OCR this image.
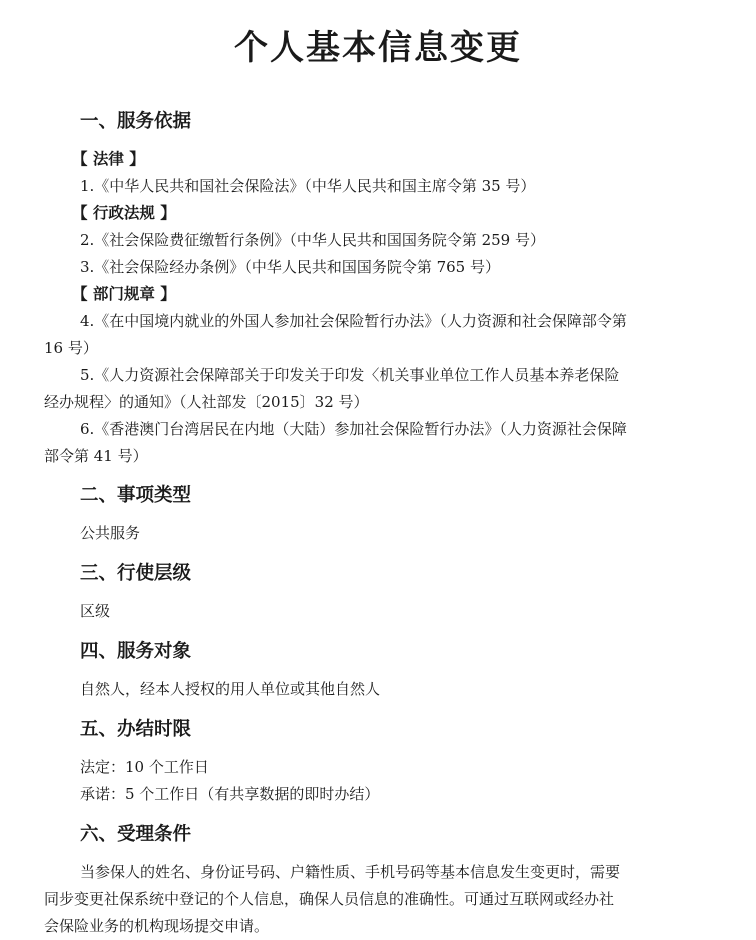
个人基本信息变更
一、服务依据
【 法律 】
1.《中华人民共和国社会保险法》（中华人民共和国主席令第 35 号）
【 行政法规 】
2.《社会保险费征缴暂行条例》（中华人民共和国国务院令第 259 号）
3.《社会保险经办条例》（中华人民共和国国务院令第 765 号）
【 部门规章 】
4.《在中国境内就业的外国人参加社会保险暂行办法》（人力资源和社会保障部令第
16 号）
5.《人力资源社会保障部关于印发关于印发〈机关事业单位工作人员基本养老保险
经办规程〉的通知》（人社部发〔2015〕32 号）
6.《香港澳门台湾居民在内地（大陆）参加社会保险暂行办法》（人力资源社会保障
部令第 41 号）
二、事项类型
公共服务
三、行使层级
区级
四、服务对象
自然人，经本人授权的用人单位或其他自然人
五、办结时限
法定：10 个工作日
承诺：5 个工作日（有共享数据的即时办结）
六、受理条件
当参保人的姓名、身份证号码、户籍性质、手机号码等基本信息发生变更时，需要
同步变更社保系统中登记的个人信息，确保人员信息的准确性。可通过互联网或经办社
会保险业务的机构现场提交申请。
